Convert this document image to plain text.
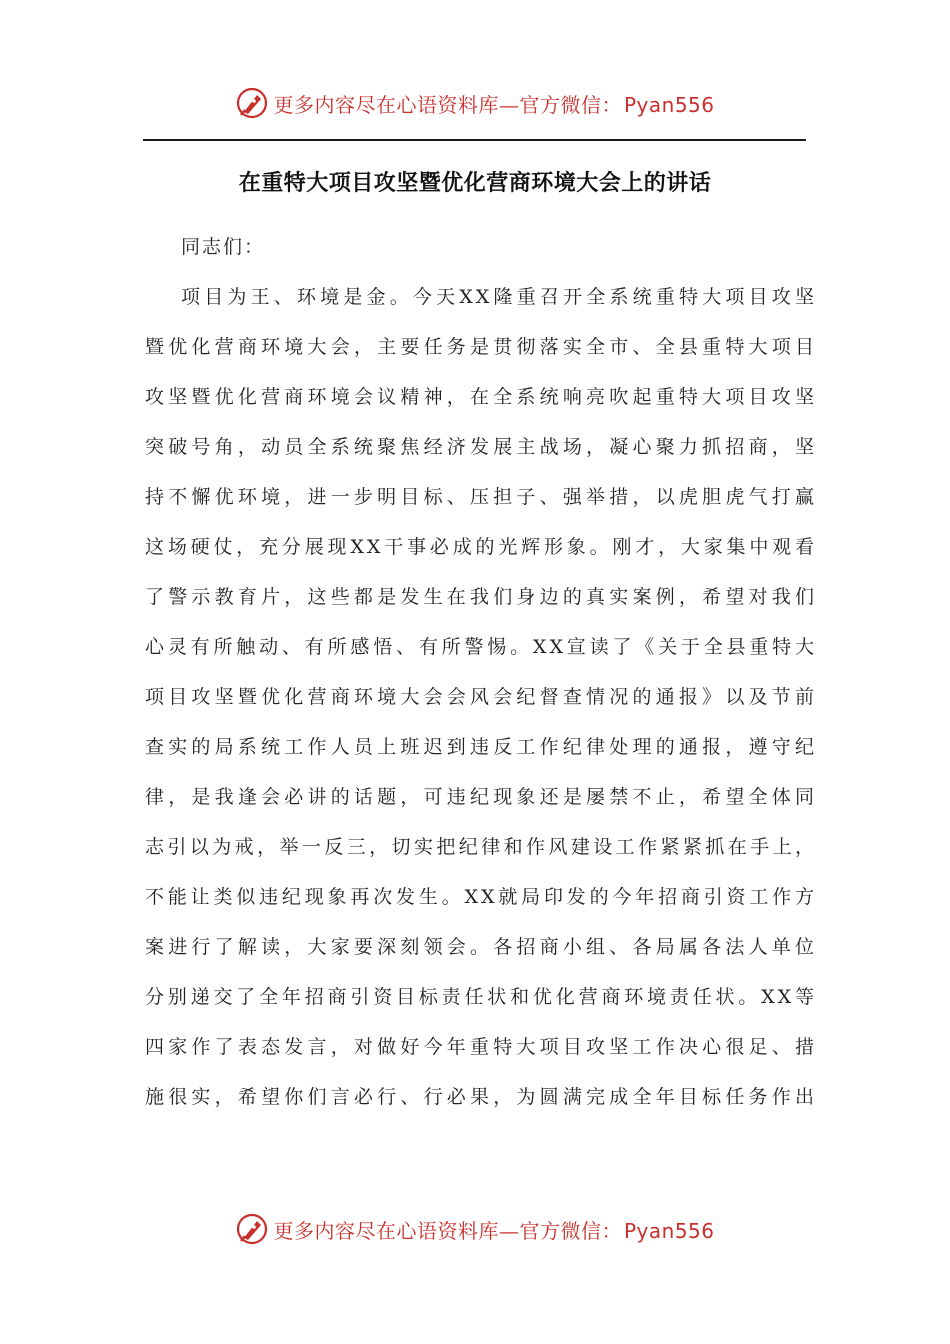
更多内容尽在心语资料库—官方微信： Pyan556
在重特大项目攻坚暨优化营商环境大会上的讲话
同志们：
项目为王、环境是金。今天XX隆重召开全系统重特大项目攻坚
暨优化营商环境大会，主要任务是贯彻落实全市、全县重特大项目
攻坚暨优化营商环境会议精神，在全系统响亮吹起重特大项目攻坚
突破号角，动员全系统聚焦经济发展主战场，凝心聚力抓招商，坚
持不懈优环境，进一步明目标、压担子、强举措，以虎胆虎气打赢
这场硬仗，充分展现XX干事必成的光辉形象。刚才，大家集中观看
了警示教育片，这些都是发生在我们身边的真实案例，希望对我们
心灵有所触动、有所感悟、有所警惕。XX宣读了《关于全县重特大
项目攻坚暨优化营商环境大会会风会纪督查情况的通报》以及节前
查实的局系统工作人员上班迟到违反工作纪律处理的通报，遵守纪
律，是我逢会必讲的话题，可违纪现象还是屡禁不止，希望全体同
志引以为戒，举一反三，切实把纪律和作风建设工作紧紧抓在手上，
不能让类似违纪现象再次发生。XX就局印发的今年招商引资工作方
案进行了解读，大家要深刻领会。各招商小组、各局属各法人单位
分别递交了全年招商引资目标责任状和优化营商环境责任状。XX等
四家作了表态发言，对做好今年重特大项目攻坚工作决心很足、措
施很实，希望你们言必行、行必果，为圆满完成全年目标任务作出
更多内容尽在心语资料库—官方微信： Pyan556
